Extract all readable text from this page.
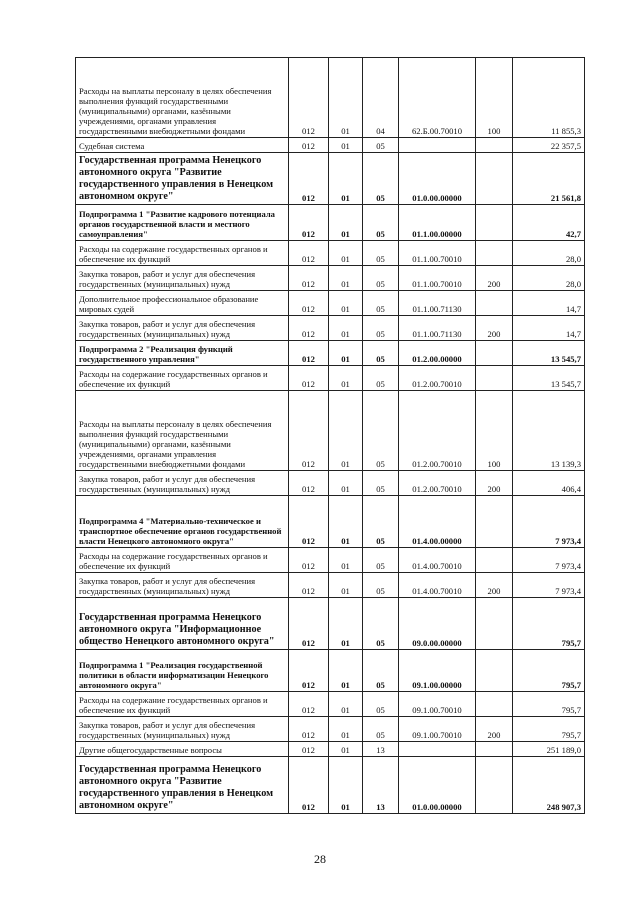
Расходы на выплаты персоналу в целях обеспечения выполнения функций государственными (муниципальными) органами, казёнными учреждениями, органами управления государственными внебюджетными фондами	012	01	04	62.Б.00.70010	100	11 855,3
Судебная система	012	01	05			22 357,5
Государственная программа Ненецкого автономного округа "Развитие государственного управления в Ненецком автономном округе"	012	01	05	01.0.00.00000		21 561,8
Подпрограмма 1 "Развитие кадрового потенциала органов государственной власти и местного самоуправления"	012	01	05	01.1.00.00000		42,7
Расходы на содержание государственных органов и обеспечение их функций	012	01	05	01.1.00.70010		28,0
Закупка товаров, работ и услуг для обеспечения государственных (муниципальных) нужд	012	01	05	01.1.00.70010	200	28,0
Дополнительное профессиональное образование мировых судей	012	01	05	01.1.00.71130		14,7
Закупка товаров, работ и услуг для обеспечения государственных (муниципальных) нужд	012	01	05	01.1.00.71130	200	14,7
Подпрограмма 2 "Реализация функций государственного управления"	012	01	05	01.2.00.00000		13 545,7
Расходы на содержание государственных органов и обеспечение их функций	012	01	05	01.2.00.70010		13 545,7
Расходы на выплаты персоналу в целях обеспечения выполнения функций государственными (муниципальными) органами, казёнными учреждениями, органами управления государственными внебюджетными фондами	012	01	05	01.2.00.70010	100	13 139,3
Закупка товаров, работ и услуг для обеспечения государственных (муниципальных) нужд	012	01	05	01.2.00.70010	200	406,4
Подпрограмма 4 "Материально-техническое и транспортное обеспечение органов государственной власти Ненецкого автономного округа"	012	01	05	01.4.00.00000		7 973,4
Расходы на содержание государственных органов и обеспечение их функций	012	01	05	01.4.00.70010		7 973,4
Закупка товаров, работ и услуг для обеспечения государственных (муниципальных) нужд	012	01	05	01.4.00.70010	200	7 973,4
Государственная программа Ненецкого автономного округа "Информационное общество Ненецкого автономного округа"	012	01	05	09.0.00.00000		795,7
Подпрограмма 1 "Реализация государственной политики в области информатизации Ненецкого автономного округа"	012	01	05	09.1.00.00000		795,7
Расходы на содержание государственных органов и обеспечение их функций	012	01	05	09.1.00.70010		795,7
Закупка товаров, работ и услуг для обеспечения государственных (муниципальных) нужд	012	01	05	09.1.00.70010	200	795,7
Другие общегосударственные вопросы	012	01	13			251 189,0
Государственная программа Ненецкого автономного округа "Развитие государственного управления в Ненецком автономном округе"	012	01	13	01.0.00.00000		248 907,3
28
